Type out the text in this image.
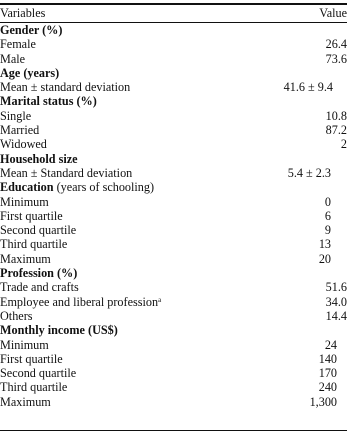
Variables	Value
Gender (%)
Female	26.4
Male	73.6
Age (years)
Mean ± standard deviation	41.6 ± 9.4
Marital status (%)
Single	10.8
Married	87.2
Widowed	2
Household size
Mean ± Standard deviation	5.4 ± 2.3
Education (years of schooling)
Minimum	0
First quartile	6
Second quartile	9
Third quartile	13
Maximum	20
Profession (%)
Trade and crafts	51.6
Employee and liberal profession$^a$	34.0
Others	14.4
Monthly income (US$)
Minimum	24
First quartile	140
Second quartile	170
Third quartile	240
Maximum	1,300
